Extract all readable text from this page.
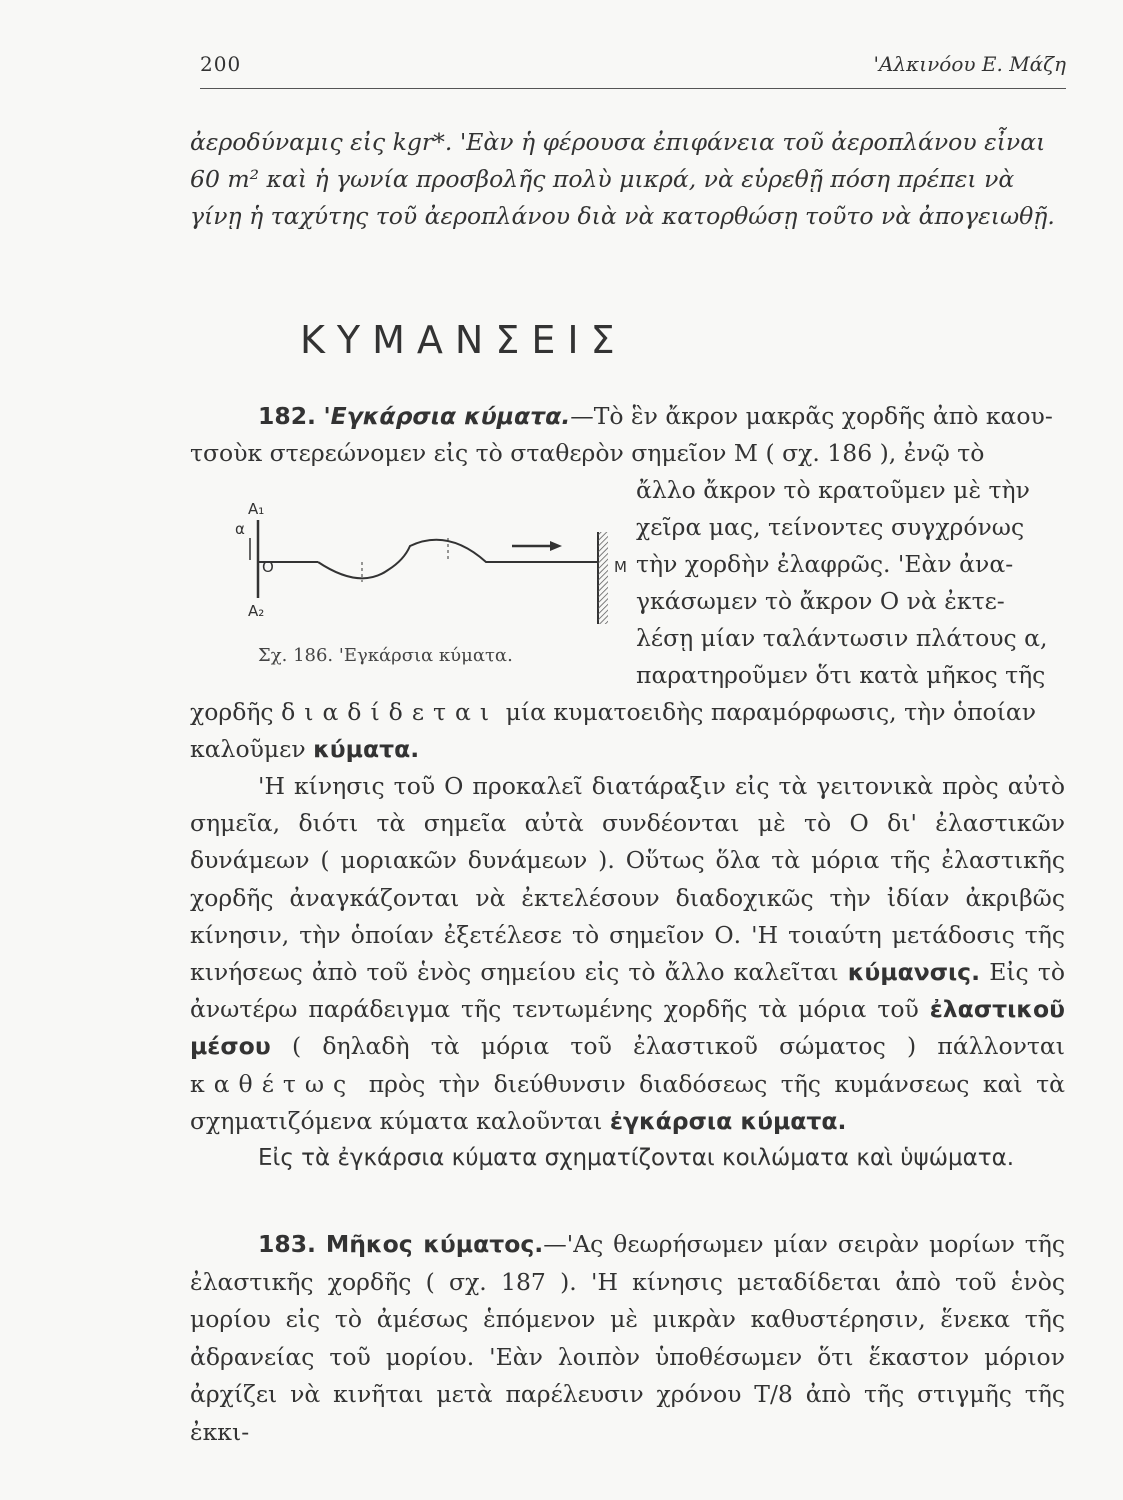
200	'Αλκινόου Ε. Μάζη
ἀεροδύναμις εἰς kgr*. 'Εὰν ἡ φέρουσα ἐπιφάνεια τοῦ ἀεροπλάνου εἶναι
60 m² καὶ ἡ γωνία προσβολῆς πολὺ μικρά, νὰ εὑρεθῇ πόση πρέπει νὰ
γίνῃ ἡ ταχύτης τοῦ ἀεροπλάνου διὰ νὰ κατορθώσῃ τοῦτο νὰ ἀπογειωθῇ.
ΚΥΜΑΝΣΕΙΣ
182. 'Εγκάρσια κύματα.—Τὸ ἓν ἄκρον μακρᾶς χορδῆς ἀπὸ καου-
τσοὺκ στερεώνομεν εἰς τὸ σταθερὸν σημεῖον Μ ( σχ. 186 ), ἐνῷ τὸ
A₁
α
O
A₂
M
Σχ. 186. 'Εγκάρσια κύματα.
ἄλλο ἄκρον τὸ κρατοῦμεν μὲ τὴν
χεῖρα μας, τείνοντες συγχρόνως
τὴν χορδὴν ἐλαφρῶς. 'Εὰν ἀνα-
γκάσωμεν τὸ ἄκρον Ο νὰ ἐκτε-
λέσῃ μίαν ταλάντωσιν πλάτους α,
παρατηροῦμεν ὅτι κατὰ μῆκος τῆς
χορδῆς διαδίδεται μία κυματοειδὴς παραμόρφωσις, τὴν ὁποίαν
καλοῦμεν κύματα.
'Η κίνησις τοῦ Ο προκαλεῖ διατάραξιν εἰς τὰ γειτονικὰ πρὸς αὐτὸ σημεῖα, διότι τὰ σημεῖα αὐτὰ συνδέονται μὲ τὸ Ο δι' ἐλαστικῶν δυνάμεων ( μοριακῶν δυνάμεων ). Οὕτως ὅλα τὰ μόρια τῆς ἐλαστικῆς χορδῆς ἀναγκάζονται νὰ ἐκτελέσουν διαδοχικῶς τὴν ἰδίαν ἀκριβῶς κίνησιν, τὴν ὁποίαν ἐξετέλεσε τὸ σημεῖον Ο. 'Η τοιαύτη μετάδοσις τῆς κινήσεως ἀπὸ τοῦ ἑνὸς σημείου εἰς τὸ ἄλλο καλεῖται κύμανσις. Εἰς τὸ ἀνωτέρω παράδειγμα τῆς τεντωμένης χορδῆς τὰ μόρια τοῦ ἐλαστικοῦ μέσου ( δηλαδὴ τὰ μόρια τοῦ ἐλαστικοῦ σώματος ) πάλλονται καθέτως πρὸς τὴν διεύθυνσιν διαδόσεως τῆς κυμάνσεως καὶ τὰ σχηματιζόμενα κύματα καλοῦνται ἐγκάρσια κύματα.
Εἰς τὰ ἐγκάρσια κύματα σχηματίζονται κοιλώματα καὶ ὑψώματα.
183. Μῆκος κύματος.—'Ας θεωρήσωμεν μίαν σειρὰν μορίων τῆς ἐλαστικῆς χορδῆς ( σχ. 187 ). 'Η κίνησις μεταδίδεται ἀπὸ τοῦ ἑνὸς μορίου εἰς τὸ ἀμέσως ἑπόμενον μὲ μικρὰν καθυστέρησιν, ἕνεκα τῆς ἀδρανείας τοῦ μορίου. 'Εὰν λοιπὸν ὑποθέσωμεν ὅτι ἕκαστον μόριον ἀρχίζει νὰ κινῆται μετὰ παρέλευσιν χρόνου Τ/8 ἀπὸ τῆς στιγμῆς τῆς ἐκκι-
